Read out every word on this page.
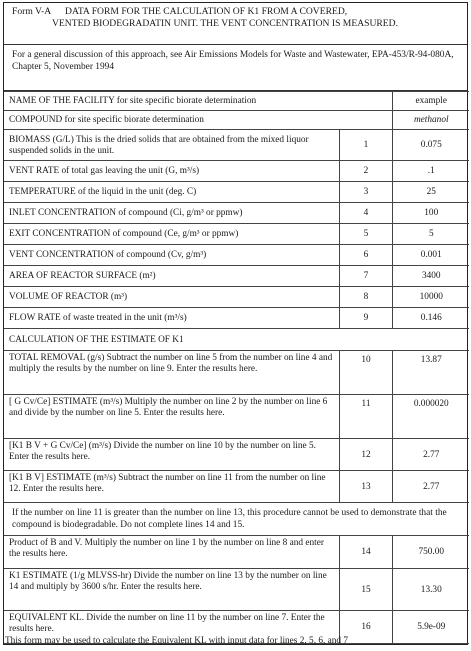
Form V-A      DATA FORM FOR THE CALCULATION OF K1 FROM A COVERED,
VENTED BIODEGRADATIN UNIT. THE VENT CONCENTRATION IS MEASURED.
For a general discussion of this approach, see Air Emissions Models for Waste and Wastewater, EPA-453/R-94-080A, Chapter 5, November 1994
NAME OF THE FACILITY for site specific biorate determination		example
COMPOUND for site specific biorate determination		methanol
BIOMASS (G/L) This is the dried solids that are obtained from the mixed liquor suspended solids in the unit.	1	0.075
VENT RATE of total gas leaving the unit (G, m³/s)	2	.1
TEMPERATURE of the liquid in the unit (deg. C)	3	25
INLET CONCENTRATION of compound (Ci, g/m³ or ppmw)	4	100
EXIT CONCENTRATION of compound (Ce, g/m³ or ppmw)	5	5
VENT CONCENTRATION of compound (Cv, g/m³)	6	0.001
AREA OF REACTOR SURFACE (m²)	7	3400
VOLUME OF REACTOR (m³)	8	10000
FLOW RATE of waste treated in the unit (m³/s)	9	0.146
CALCULATION OF THE ESTIMATE OF K1		
TOTAL REMOVAL (g/s) Subtract the number on line 5 from the number on line 4 and multiply the results by the number on line 9. Enter the results here.	10	13.87
[ G Cv/Ce] ESTIMATE (m³/s) Multiply the number on line 2 by the number on line 6 and divide by the number on line 5. Enter the results here.	11	0.000020
[K1 B V + G Cv/Ce] (m³/s) Divide the number on line 10 by the number on line 5. Enter the results here.	12	2.77
[K1 B V] ESTIMATE (m³/s) Subtract the number on line 11 from the number on line 12. Enter the results here.	13	2.77
If the number on line 11 is greater than the number on line 13, this procedure cannot be used to demonstrate that the compound is biodegradable. Do not complete lines 14 and 15.		
Product of B and V. Multiply the number on line 1 by the number on line 8 and enter the results here.	14	750.00
K1 ESTIMATE (1/g MLVSS-hr) Divide the number on line 13 by the number on line 14 and multiply by 3600 s/hr. Enter the results here.	15	13.30
EQUIVALENT KL. Divide the number on line 11 by the number on line 7. Enter the results here.	16	5.9e-09
This form may be used to calculate the Equivalent KL with input data for lines 2, 5, 6, and 7
